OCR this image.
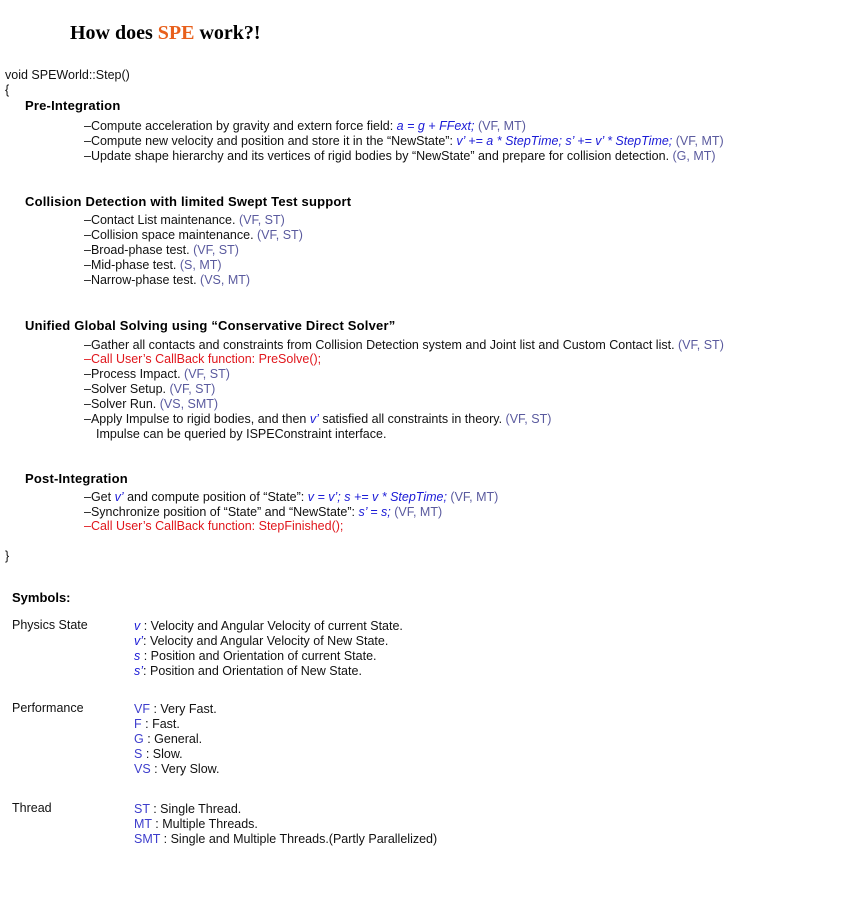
How does SPE work?!
void SPEWorld::Step()
{
Pre-Integration
–Compute acceleration by gravity and extern force field: a = g + FFext; (VF, MT)
–Compute new velocity and position and store it in the “NewState”: v’ += a * StepTime; s’ += v’ * StepTime; (VF, MT)
–Update shape hierarchy and its vertices of rigid bodies by “NewState” and prepare for collision detection. (G, MT)
Collision Detection with limited Swept Test support
–Contact List maintenance. (VF, ST)
–Collision space maintenance. (VF, ST)
–Broad-phase test. (VF, ST)
–Mid-phase test. (S, MT)
–Narrow-phase test. (VS, MT)
Unified Global Solving using “Conservative Direct Solver”
–Gather all contacts and constraints from Collision Detection system and Joint list and Custom Contact list. (VF, ST)
–Call User’s CallBack function: PreSolve();
–Process Impact. (VF, ST)
–Solver Setup. (VF, ST)
–Solver Run. (VS, SMT)
–Apply Impulse to rigid bodies, and then v’ satisfied all constraints in theory. (VF, ST)
Impulse can be queried by ISPEConstraint interface.
Post-Integration
–Get v’ and compute position of “State”: v = v’; s += v * StepTime; (VF, MT)
–Synchronize position of “State” and “NewState”: s’ = s; (VF, MT)
–Call User’s CallBack function: StepFinished();
}
Symbols:
Physics State	v : Velocity and Angular Velocity of current State.
v’: Velocity and Angular Velocity of New State.
s : Position and Orientation of current State.
s’: Position and Orientation of New State.
Performance	VF : Very Fast.
F : Fast.
G : General.
S : Slow.
VS : Very Slow.
Thread	ST : Single Thread.
MT : Multiple Threads.
SMT : Single and Multiple Threads.(Partly Parallelized)
